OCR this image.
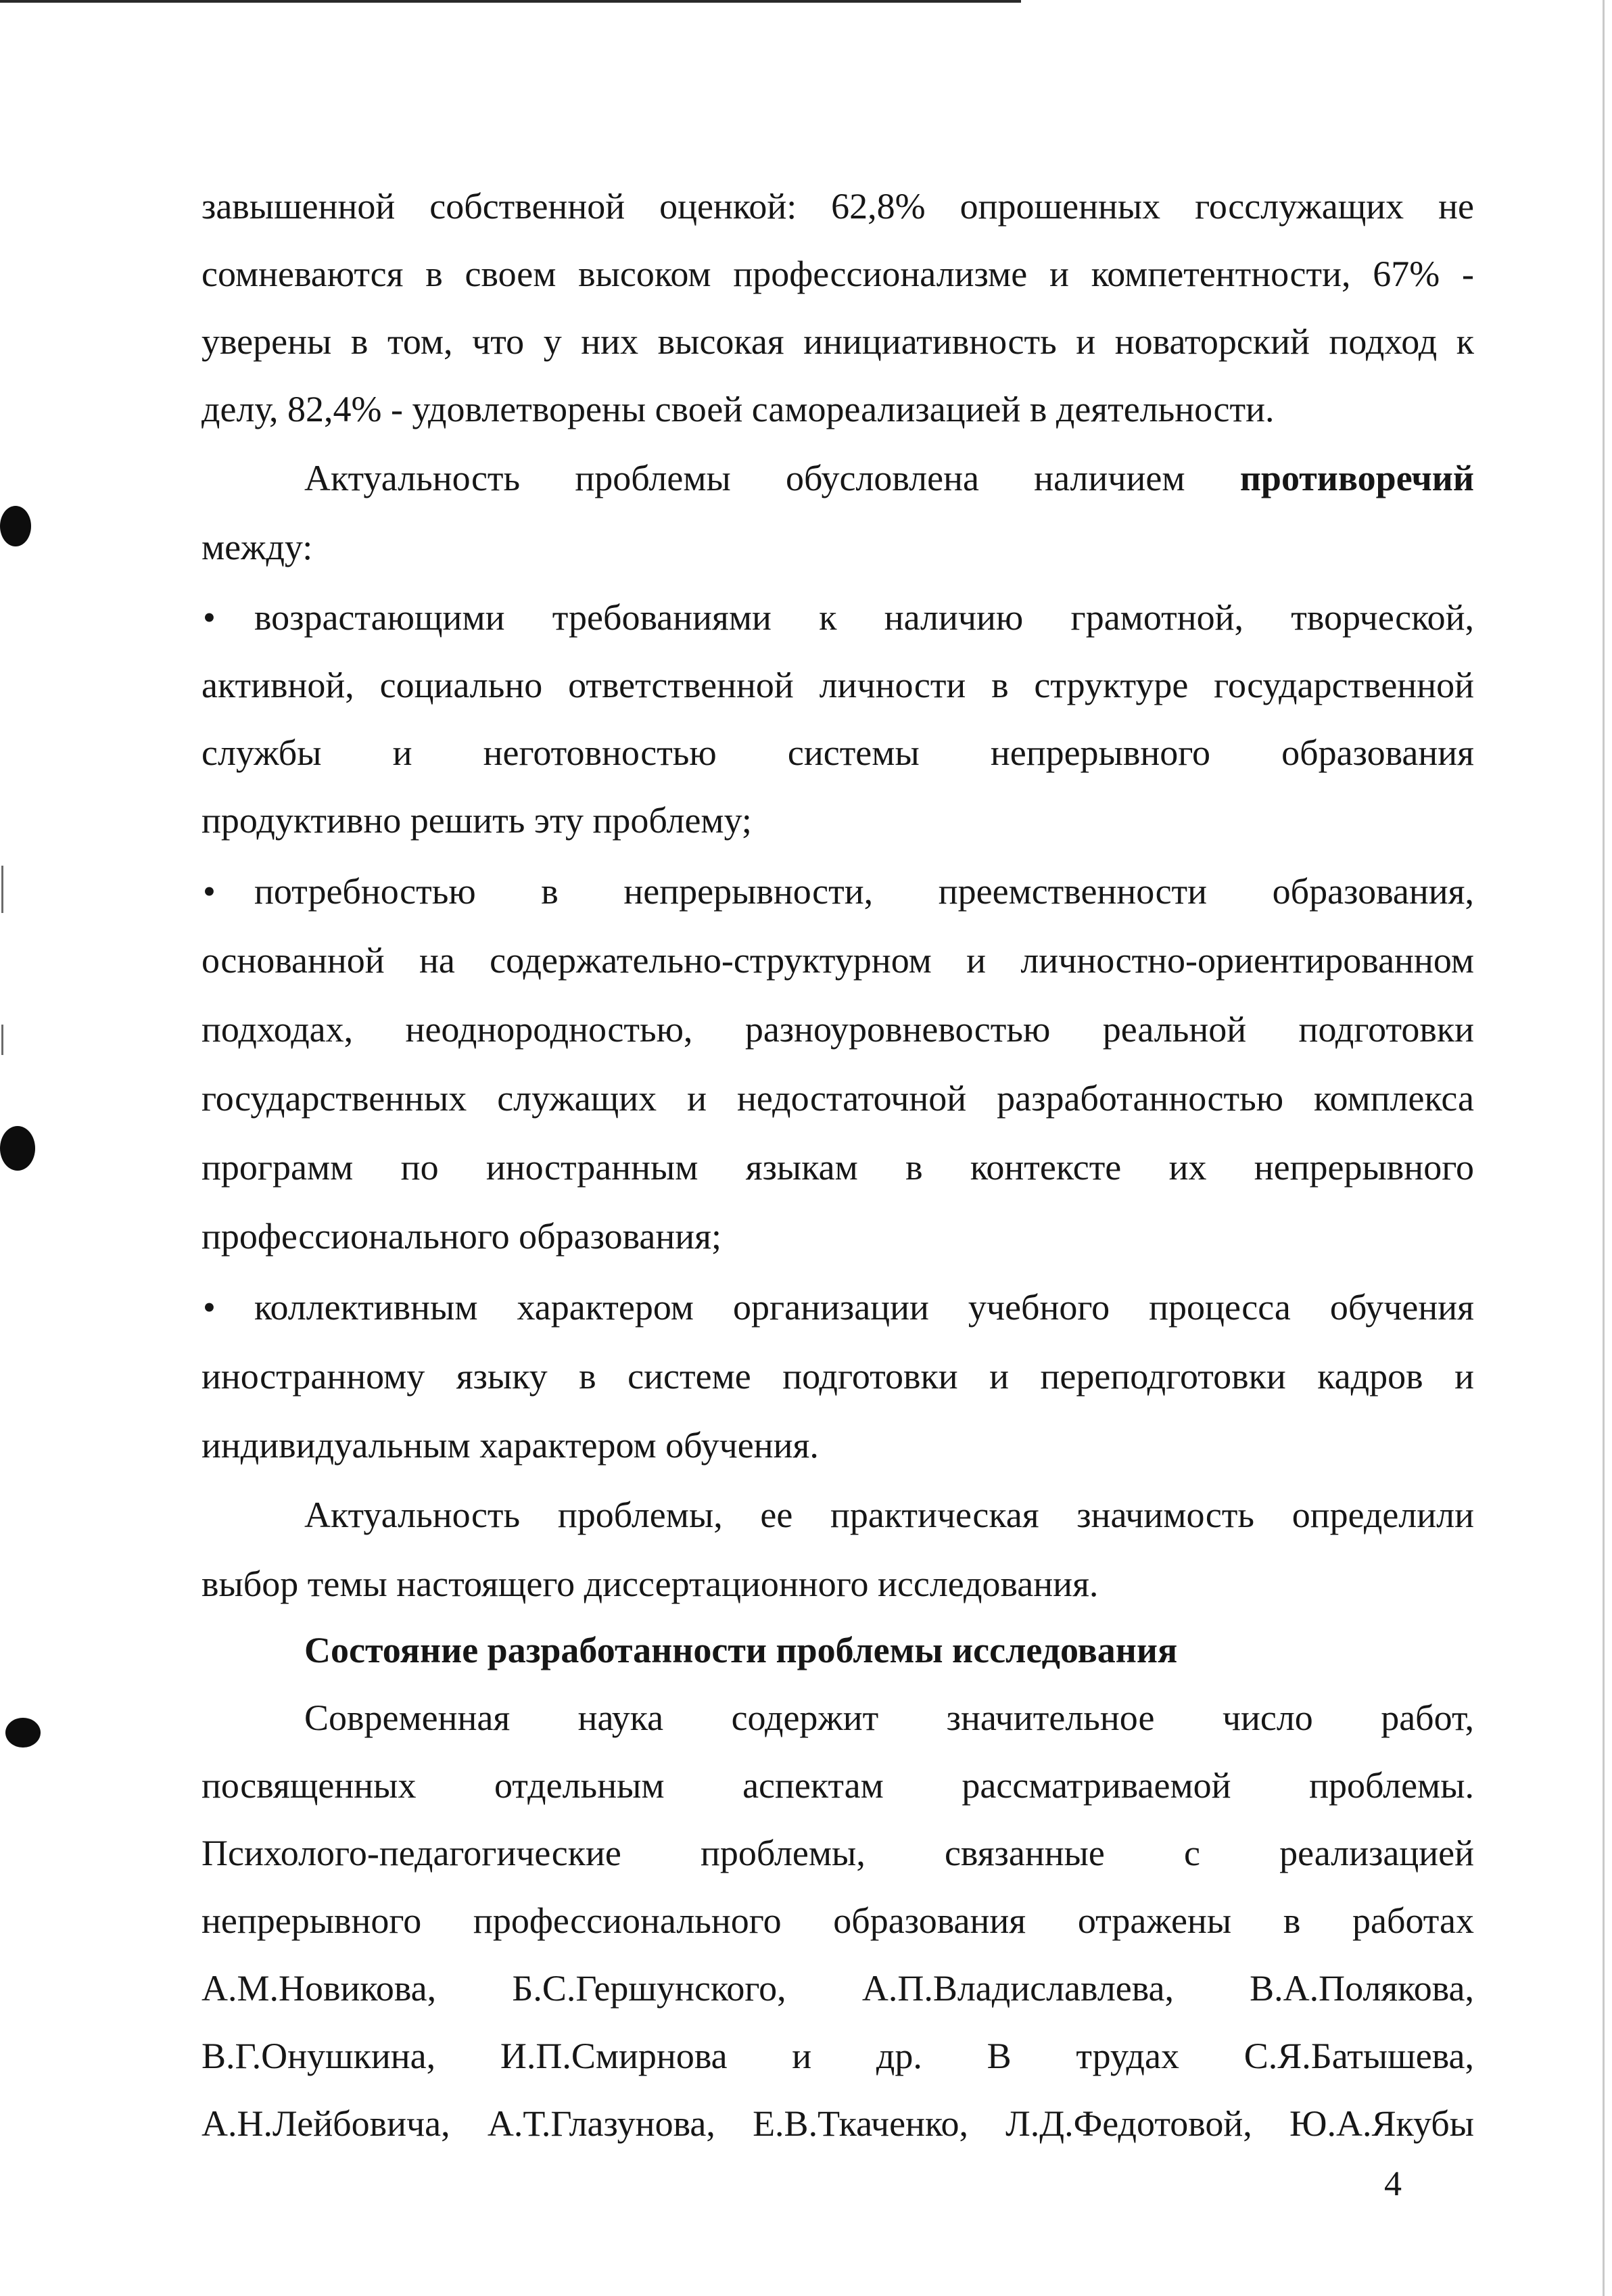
завышенной собственной оценкой: 62,8% опрошенных госслужащих не
сомневаются в своем высоком профессионализме и компетентности, 67% -
уверены в том, что у них высокая инициативность и новаторский подход к
делу, 82,4% - удовлетворены своей самореализацией в деятельности.
Актуальность проблемы обусловлена наличием противоречий
между:
• возрастающими требованиями к наличию грамотной, творческой,
активной, социально ответственной личности в структуре государственной
службы и неготовностью системы непрерывного образования
продуктивно решить эту проблему;
• потребностью в непрерывности, преемственности образования,
основанной на содержательно-структурном и личностно-ориентированном
подходах, неоднородностью, разноуровневостью реальной подготовки
государственных служащих и недостаточной разработанностью комплекса
программ по иностранным языкам в контексте их непрерывного
профессионального образования;
• коллективным характером организации учебного процесса обучения
иностранному языку в системе подготовки и переподготовки кадров и
индивидуальным характером обучения.
Актуальность проблемы, ее практическая значимость определили
выбор темы настоящего диссертационного исследования.
Состояние разработанности проблемы исследования
Современная наука содержит значительное число работ,
посвященных отдельным аспектам рассматриваемой проблемы.
Психолого-педагогические проблемы, связанные с реализацией
непрерывного профессионального образования отражены в работах
А.М.Новикова, Б.С.Гершунского, А.П.Владиславлева, В.А.Полякова,
В.Г.Онушкина, И.П.Смирнова и др. В трудах С.Я.Батышева,
А.Н.Лейбовича, А.Т.Глазунова, Е.В.Ткаченко, Л.Д.Федотовой, Ю.А.Якубы
4
